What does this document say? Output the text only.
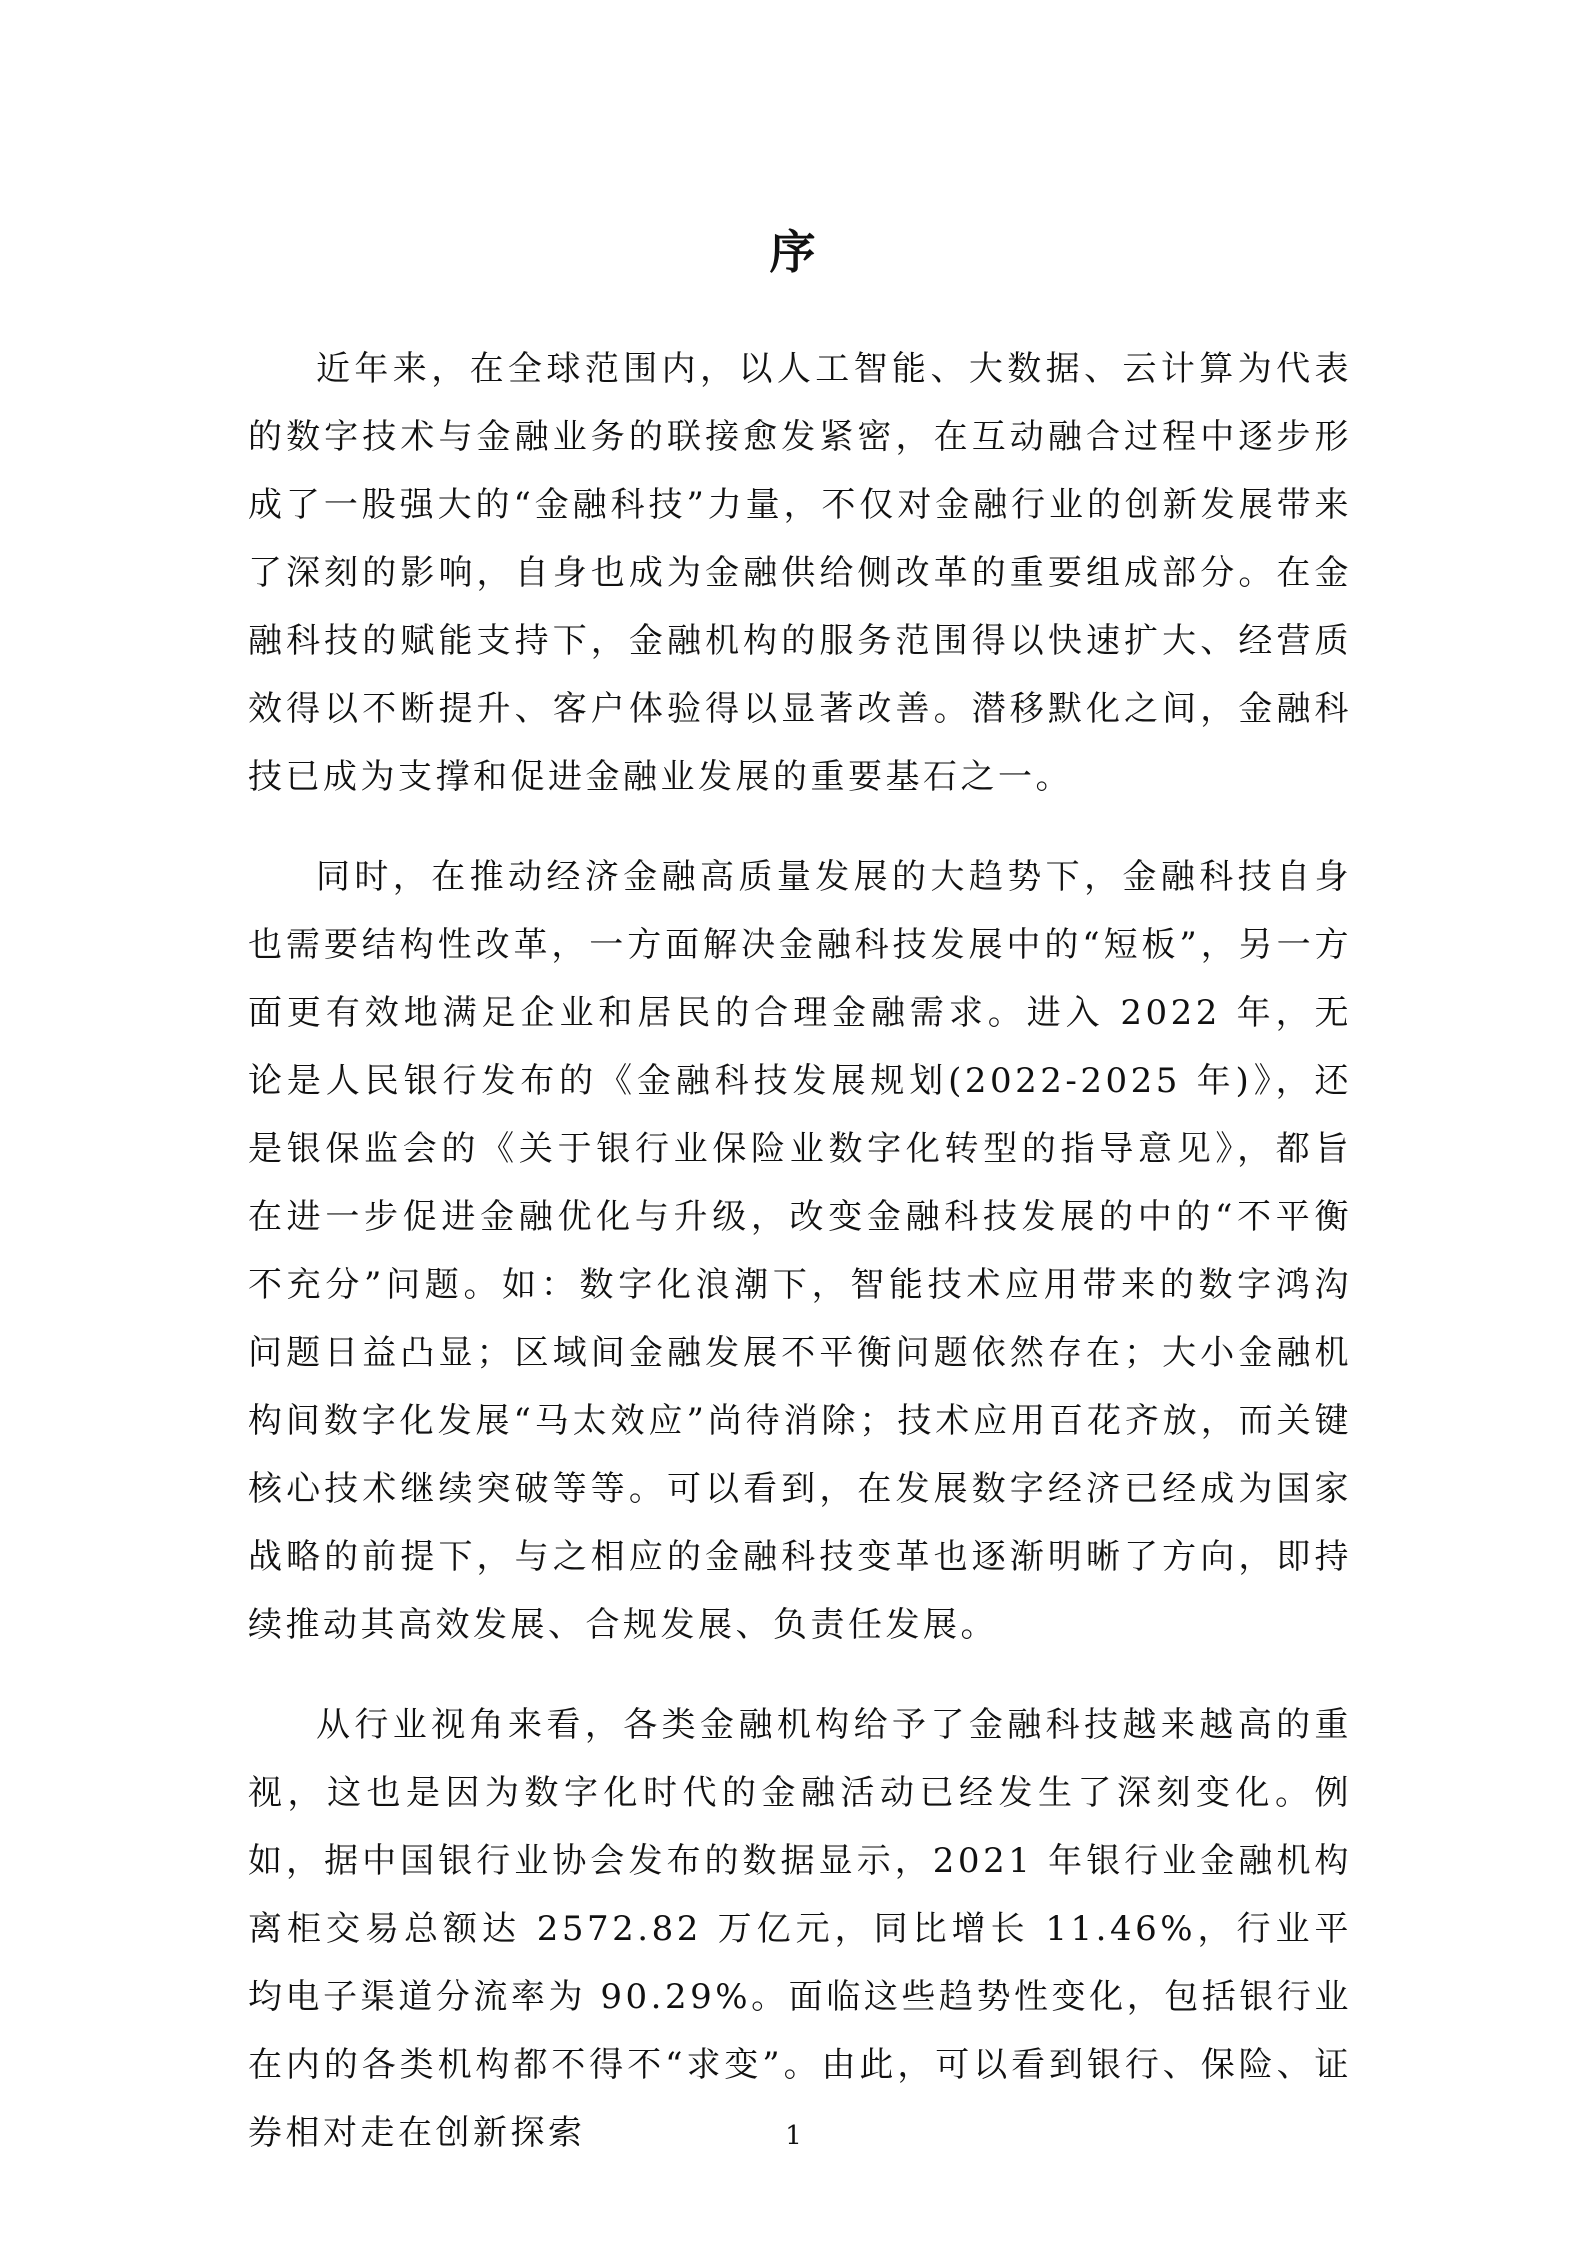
序

近年来，在全球范围内，以人工智能、大数据、云计算为代表的数字技术与金融业务的联接愈发紧密，在互动融合过程中逐步形成了一股强大的“金融科技”力量，不仅对金融行业的创新发展带来了深刻的影响，自身也成为金融供给侧改革的重要组成部分。在金融科技的赋能支持下，金融机构的服务范围得以快速扩大、经营质效得以不断提升、客户体验得以显著改善。潜移默化之间，金融科技已成为支撑和促进金融业发展的重要基石之一。

同时，在推动经济金融高质量发展的大趋势下，金融科技自身也需要结构性改革，一方面解决金融科技发展中的“短板”，另一方面更有效地满足企业和居民的合理金融需求。进入 2022 年，无论是人民银行发布的《金融科技发展规划(2022-2025 年)》，还是银保监会的《关于银行业保险业数字化转型的指导意见》，都旨在进一步促进金融优化与升级，改变金融科技发展的中的“不平衡不充分”问题。如：数字化浪潮下，智能技术应用带来的数字鸿沟问题日益凸显；区域间金融发展不平衡问题依然存在；大小金融机构间数字化发展“马太效应”尚待消除；技术应用百花齐放，而关键核心技术继续突破等等。可以看到，在发展数字经济已经成为国家战略的前提下，与之相应的金融科技变革也逐渐明晰了方向，即持续推动其高效发展、合规发展、负责任发展。

从行业视角来看，各类金融机构给予了金融科技越来越高的重视，这也是因为数字化时代的金融活动已经发生了深刻变化。例如，据中国银行业协会发布的数据显示，2021 年银行业金融机构离柜交易总额达 2572.82 万亿元，同比增长 11.46%，行业平均电子渠道分流率为 90.29%。面临这些趋势性变化，包括银行业在内的各类机构都不得不“求变”。由此，可以看到银行、保险、证券相对走在创新探索	1
